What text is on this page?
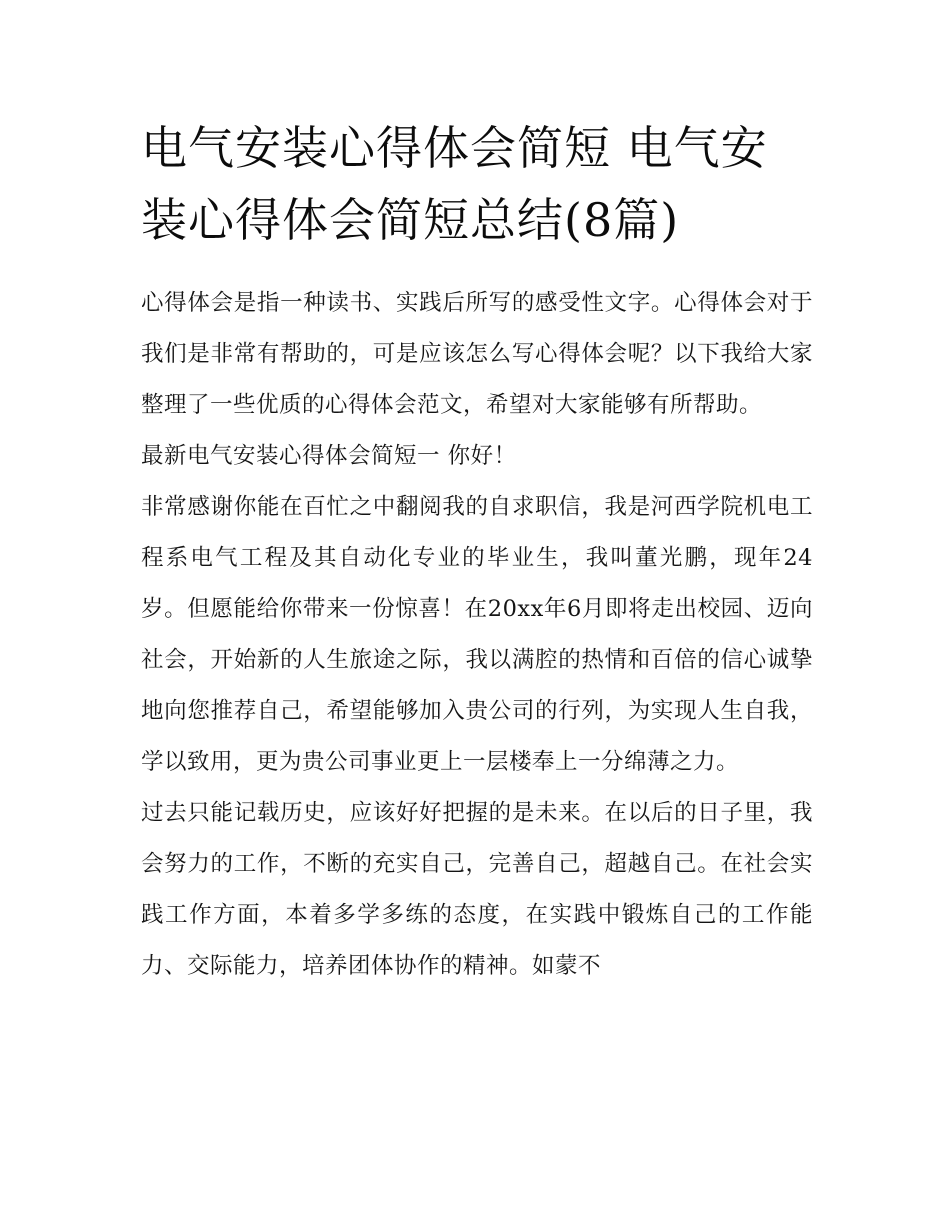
电气安装心得体会简短 电气安装心得体会简短总结(8篇)

心得体会是指一种读书、实践后所写的感受性文字。心得体会对于我们是非常有帮助的，可是应该怎么写心得体会呢？以下我给大家整理了一些优质的心得体会范文，希望对大家能够有所帮助。

最新电气安装心得体会简短一 你好！

非常感谢你能在百忙之中翻阅我的自求职信，我是河西学院机电工程系电气工程及其自动化专业的毕业生，我叫董光鹏，现年24岁。但愿能给你带来一份惊喜！在20xx年6月即将走出校园、迈向社会，开始新的人生旅途之际，我以满腔的热情和百倍的信心诚挚地向您推荐自己，希望能够加入贵公司的行列，为实现人生自我，学以致用，更为贵公司事业更上一层楼奉上一分绵薄之力。

过去只能记载历史，应该好好把握的是未来。在以后的日子里，我会努力的工作，不断的充实自己，完善自己，超越自己。在社会实践工作方面，本着多学多练的态度，在实践中锻炼自己的工作能力、交际能力，培养团体协作的精神。如蒙不
